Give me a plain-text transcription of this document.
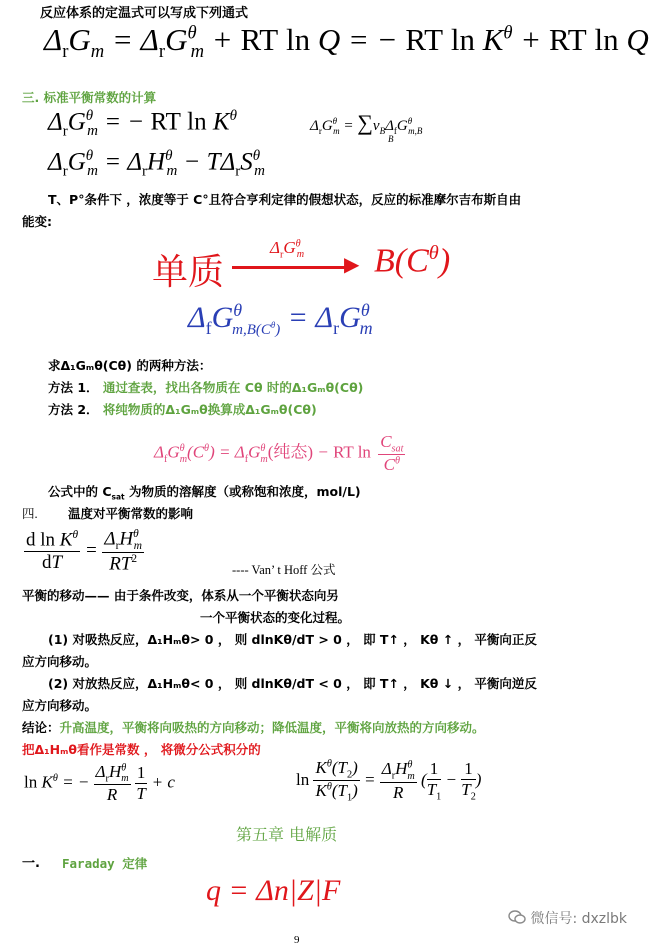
反应体系的定温式可以写成下列通式
$\Delta_rG_m = \Delta_rG^\theta_m$ + RT ln Q = − RT $\ln K^\theta$ + RT ln Q
三. 标准平衡常数的计算
$\Delta_rG^\theta_m$ = − RT $\ln K^\theta$
$\Delta_rG^\theta_m = \sum\nu_B\Delta_fG^\theta_{m,B}$
B
$\Delta_rG^\theta_m = \Delta_rH^\theta_m - T\Delta_rS^\theta_m$
T、P°条件下 ，浓度等于 C°且符合亨利定律的假想状态，反应的标准摩尔吉布斯自由
能变:
单质
$\Delta_rG^\theta_m$ ▶ $B(C^\theta)$
$\Delta_fG^\theta_{m,B(C^\theta)} = \Delta_rG^\theta_m$
求Δ₁Gₘθ(Cθ) 的两种方法：
方法 1． 通过查表，找出各物质在 Cθ 时的Δ₁Gₘθ(Cθ)
方法 2． 将纯物质的Δ₁Gₘθ换算成Δ₁Gₘθ(Cθ)
$\Delta_fG^\theta_m(C^\theta) = \Delta_fG^\theta_m$(纯态) − RT $\ln \frac{C_{sat}}{C^\theta}$
公式中的 $C_{sat}$ 为物质的溶解度（或称饱和浓度，mol/L)
四. 温度对平衡常数的影响
$\frac{d \ln K^\theta}{dT} = \frac{\Delta_rH^\theta_m}{RT^2}$	---- Van’ t Hoff 公式
平衡的移动—— 由于条件改变，体系从一个平衡状态向另
一个平衡状态的变化过程。
(1) 对吸热反应，Δ₁Hₘθ> 0 ， 则 dlnKθ/dT > 0 ， 即 T↑ ， Kθ ↑ ， 平衡向正反
应方向移动。
(2) 对放热反应，Δ₁Hₘθ< 0 ， 则 dlnKθ/dT < 0 ， 即 T↑ ， Kθ ↓ ， 平衡向逆反
应方向移动。
结论：升高温度，平衡将向吸热的方向移动；降低温度，平衡将向放热的方向移动。
把Δ₁Hₘθ看作是常数 ， 将微分公式积分的
$\ln K^\theta$ = − $\frac{\Delta_rH^\theta_m}{R}$
$\frac{1}{T} + c$	$\ln \frac{K^\theta(T_2)}{K^\theta(T_1)} = \frac{\Delta_rH^\theta_m}{R}$ ( $\frac{1}{T_1} - \frac{1}{T_2}$ )
第五章 电解质
一. Faraday 定律
q = Δn|Z|F
9
微信号: dxzlbk
